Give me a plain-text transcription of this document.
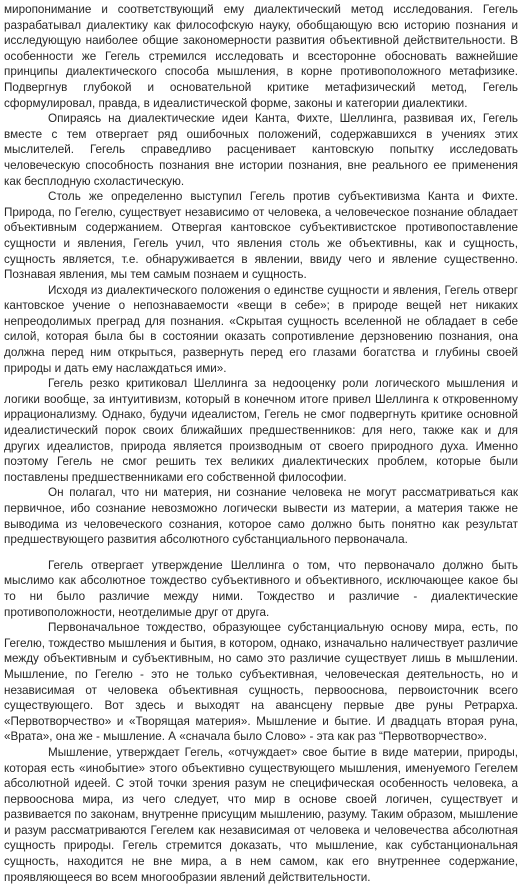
миропонимание и соответствующий ему диалектический метод исследования. Гегель разрабатывал диалектику как философскую науку, обобщающую всю историю познания и исследующую наиболее общие закономерности развития объективной действительности. В особенности же Гегель стремился исследовать и всесторонне обосновать важнейшие принципы диалектического способа мышления, в корне противоположного метафизике. Подвергнув глубокой и основательной критике метафизический метод, Гегель сформулировал, правда, в идеалистической форме, законы и категории диалектики.

Опираясь на диалектические идеи Канта, Фихте, Шеллинга, развивая их, Гегель вместе с тем отвергает ряд ошибочных положений, содержавшихся в учениях этих мыслителей. Гегель справедливо расценивает кантовскую попытку исследовать человеческую способность познания вне истории познания, вне реального ее применения как бесплодную схоластическую.

Столь же определенно выступил Гегель против субъективизма Канта и Фихте. Природа, по Гегелю, существует независимо от человека, а человеческое познание обладает объективным содержанием. Отвергая кантовское субъективистское противопоставление сущности и явления, Гегель учил, что явления столь же объективны, как и сущность, сущность является, т.е. обнаруживается в явлении, ввиду чего и явление существенно. Познавая явления, мы тем самым познаем и сущность.

Исходя из диалектического положения о единстве сущности и явления, Гегель отверг кантовское учение о непознаваемости «вещи в себе»; в природе вещей нет никаких непреодолимых преград для познания. «Скрытая сущность вселенной не обладает в себе силой, которая была бы в состоянии оказать сопротивление дерзновению познания, она должна перед ним открыться, развернуть перед его глазами богатства и глубины своей природы и дать ему наслаждаться ими».

Гегель резко критиковал Шеллинга за недооценку роли логического мышления и логики вообще, за интуитивизм, который в конечном итоге привел Шеллинга к откровенному иррационализму. Однако, будучи идеалистом, Гегель не смог подвергнуть критике основной идеалистический порок своих ближайших предшественников: для него, также как и для других идеалистов, природа является производным от своего природного духа. Именно поэтому Гегель не смог решить тех великих диалектических проблем, которые были поставлены предшественниками его собственной философии.

Он полагал, что ни материя, ни сознание человека не могут рассматриваться как первичное, ибо сознание невозможно логически вывести из материи, а материя также не выводима из человеческого сознания, которое само должно быть понятно как результат предшествующего развития абсолютного субстанциального первоначала.

Гегель отвергает утверждение Шеллинга о том, что первоначало должно быть мыслимо как абсолютное тождество субъективного и объективного, исключающее какое бы то ни было различие между ними. Тождество и различие - диалектические противоположности, неотделимые друг от друга.

Первоначальное тождество, образующее субстанциальную основу мира, есть, по Гегелю, тождество мышления и бытия, в котором, однако, изначально наличествует различие между объективным и субъективным, но само это различие существует лишь в мышлении. Мышление, по Гегелю - это не только субъективная, человеческая деятельность, но и независимая от человека объективная сущность, первооснова, первоисточник всего существующего. Вот здесь и выходят на авансцену первые две руны Ретрарха. «Первотворчество» и «Творящая материя». Мышление и бытие. И двадцать вторая руна, «Врата», она же - мышление. А «сначала было Слово» - эта как раз “Первотворчество».

Мышление, утверждает Гегель, «отчуждает» свое бытие в виде материи, природы, которая есть «инобытие» этого объективно существующего мышления, именуемого Гегелем абсолютной идеей. С этой точки зрения разум не специфическая особенность человека, а первооснова мира, из чего следует, что мир в основе своей логичен, существует и развивается по законам, внутренне присущим мышлению, разуму. Таким образом, мышление и разум рассматриваются Гегелем как независимая от человека и человечества абсолютная сущность природы. Гегель стремится доказать, что мышление, как субстанциональная сущность, находится не вне мира, а в нем самом, как его внутреннее содержание, проявляющееся во всем многообразии явлений действительности.
